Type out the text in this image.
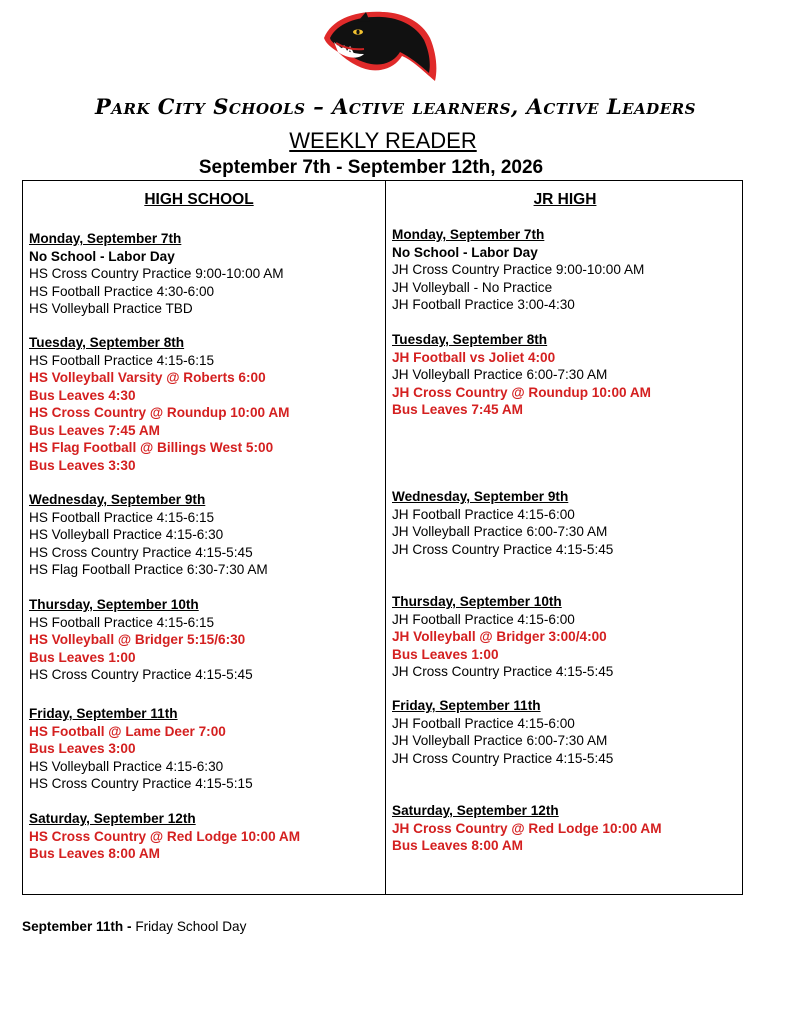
Park City Schools – Active learners, Active Leaders
WEEKLY READER
September 7th - September 12th, 2026
HIGH SCHOOL
Monday, September 7th
No School - Labor Day
HS Cross Country Practice 9:00-10:00 AM
HS Football Practice 4:30-6:00
HS Volleyball Practice TBD
Tuesday, September 8th
HS Football Practice 4:15-6:15
HS Volleyball Varsity @ Roberts 6:00
Bus Leaves 4:30
HS Cross Country @ Roundup 10:00 AM
Bus Leaves 7:45 AM
HS Flag Football @ Billings West 5:00
Bus Leaves 3:30
Wednesday, September 9th
HS Football Practice 4:15-6:15
HS Volleyball Practice 4:15-6:30
HS Cross Country Practice 4:15-5:45
HS Flag Football Practice 6:30-7:30 AM
Thursday, September 10th
HS Football Practice 4:15-6:15
HS Volleyball @ Bridger 5:15/6:30
Bus Leaves 1:00
HS Cross Country Practice 4:15-5:45
Friday, September 11th
HS Football @ Lame Deer 7:00
Bus Leaves 3:00
HS Volleyball Practice 4:15-6:30
HS Cross Country Practice 4:15-5:15
Saturday, September 12th
HS Cross Country @ Red Lodge 10:00 AM
Bus Leaves 8:00 AM
JR HIGH
Monday, September 7th
No School - Labor Day
JH Cross Country Practice 9:00-10:00 AM
JH Volleyball - No Practice
JH Football Practice 3:00-4:30
Tuesday, September 8th
JH Football vs Joliet 4:00
JH Volleyball Practice 6:00-7:30 AM
JH Cross Country @ Roundup 10:00 AM
Bus Leaves 7:45 AM
Wednesday, September 9th
JH Football Practice 4:15-6:00
JH Volleyball Practice 6:00-7:30 AM
JH Cross Country Practice 4:15-5:45
Thursday, September 10th
JH Football Practice 4:15-6:00
JH Volleyball @ Bridger 3:00/4:00
Bus Leaves 1:00
JH Cross Country Practice 4:15-5:45
Friday, September 11th
JH Football Practice 4:15-6:00
JH Volleyball Practice 6:00-7:30 AM
JH Cross Country Practice 4:15-5:45
Saturday, September 12th
JH Cross Country @ Red Lodge 10:00 AM
Bus Leaves 8:00 AM
September 11th - Friday School Day
